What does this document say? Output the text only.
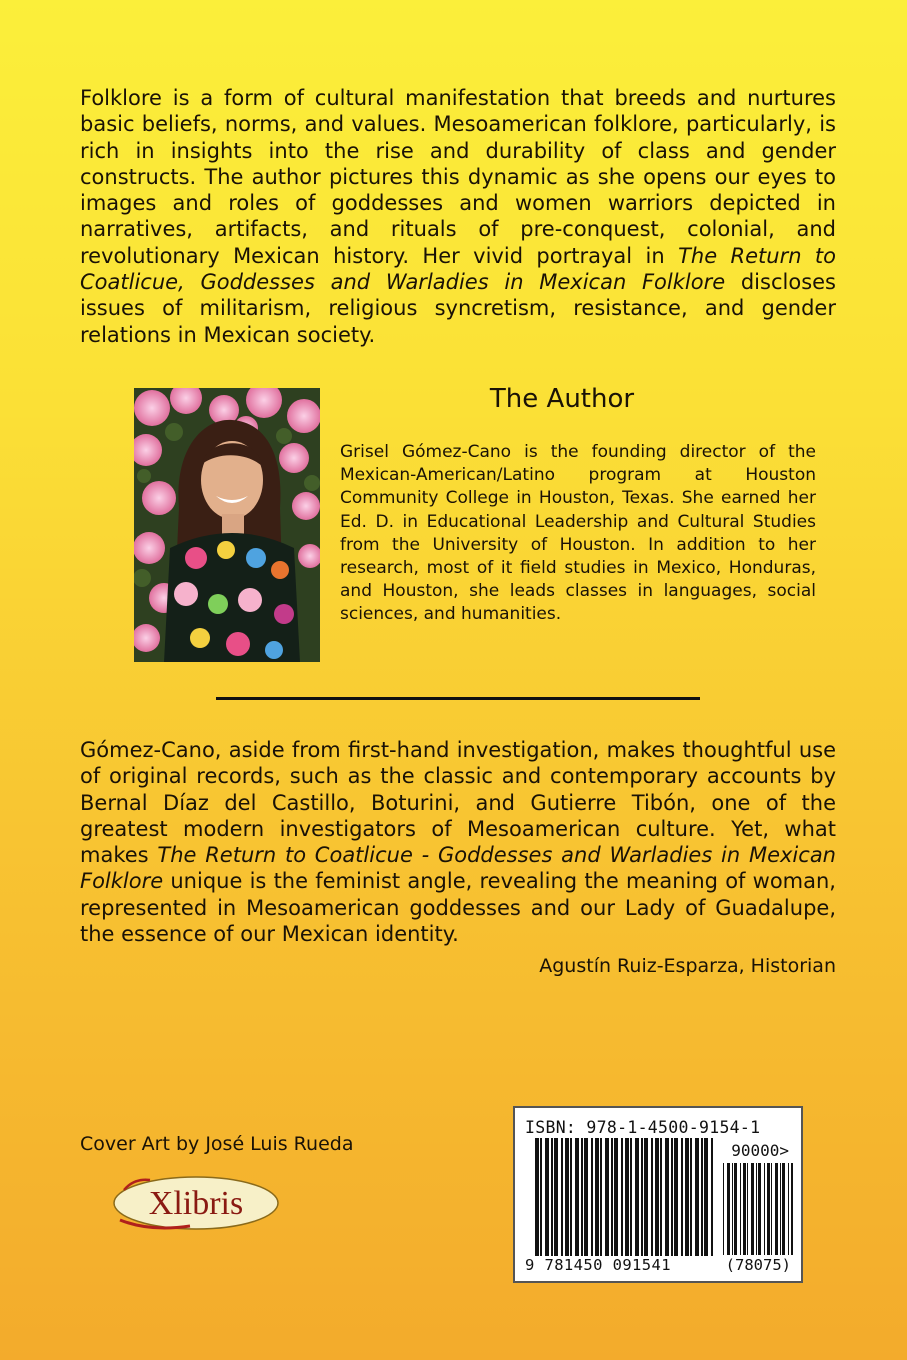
Folklore is a form of cultural manifestation that breeds and nurtures basic beliefs, norms, and values. Mesoamerican folklore, particularly, is rich in insights into the rise and durability of class and gender constructs. The author pictures this dynamic as she opens our eyes to images and roles of goddesses and women warriors depicted in narratives, artifacts, and rituals of pre-conquest, colonial, and revolutionary Mexican history. Her vivid portrayal in The Return to Coatlicue, Goddesses and Warladies in Mexican Folklore discloses issues of militarism, religious syncretism, resistance, and gender relations in Mexican society.

The Author

Grisel Gómez-Cano is the founding director of the Mexican-American/Latino program at Houston Community College in Houston, Texas. She earned her Ed. D. in Educational Leadership and Cultural Studies from the University of Houston. In addition to her research, most of it field studies in Mexico, Honduras, and Houston, she leads classes in languages, social sciences, and humanities.

Gómez-Cano, aside from first-hand investigation, makes thoughtful use of original records, such as the classic and contemporary accounts by Bernal Díaz del Castillo, Boturini, and Gutierre Tibón, one of the greatest modern investigators of Mesoamerican culture. Yet, what makes The Return to Coatlicue - Goddesses and Warladies in Mexican Folklore unique is the feminist angle, revealing the meaning of woman, represented in Mesoamerican goddesses and our Lady of Guadalupe, the essence of our Mexican identity.

Agustín Ruiz-Esparza, Historian

Cover Art by José Luis Rueda

Xlibris
ISBN: 978-1-4500-9154-1
90000>
9 781450 091541	(78075)
